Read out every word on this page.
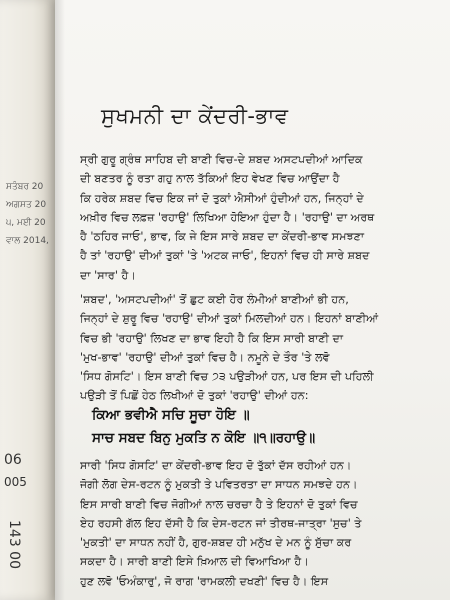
ਸਤੰਬਰ 20
ਅਗਸਤ 20
੫, ਮਈ 20
ਵਾਲ 2014,
06
005
143 00
ਸੁਖਮਨੀ ਦਾ ਕੇਂਦਰੀ-ਭਾਵ
ਸ੍ਰੀ ਗੁਰੂ ਗ੍ਰੰਥ ਸਾਹਿਬ ਦੀ ਬਾਣੀ ਵਿਚ-ਦੇ ਸ਼ਬਦ ਅਸਟਪਦੀਆਂ ਆਦਿਕ
ਦੀ ਬਣਤਰ ਨੂੰ ਰਤਾ ਗਹੁ ਨਾਲ ਤੱਕਿਆਂ ਇਹ ਵੇਖਣ ਵਿਚ ਆਉਂਦਾ ਹੈ
ਕਿ ਹਰੇਕ ਸ਼ਬਦ ਵਿਚ ਇਕ ਜਾਂ ਦੋ ਤੁਕਾਂ ਐਸੀਆਂ ਹੁੰਦੀਆਂ ਹਨ, ਜਿਨ੍ਹਾਂ ਦੇ
ਅਖ਼ੀਰ ਵਿਚ ਲਫ਼ਜ਼ 'ਰਹਾਉ' ਲਿਖਿਆ ਹੋਇਆ ਹੁੰਦਾ ਹੈ। 'ਰਹਾਉ' ਦਾ ਅਰਥ
ਹੈ 'ਠਹਿਰ ਜਾਓ', ਭਾਵ, ਕਿ ਜੇ ਇਸ ਸਾਰੇ ਸ਼ਬਦ ਦਾ ਕੇਂਦਰੀ-ਭਾਵ ਸਮਝਣਾ
ਹੈ ਤਾਂ 'ਰਹਾਉ' ਦੀਆਂ ਤੁਕਾਂ 'ਤੇ 'ਅਟਕ ਜਾਓ', ਇਹਨਾਂ ਵਿਚ ਹੀ ਸਾਰੇ ਸ਼ਬਦ
ਦਾ 'ਸਾਰ' ਹੈ।
'ਸ਼ਬਦ', 'ਅਸਟਪਦੀਆਂ' ਤੋਂ ਛੁਟ ਕਈ ਹੋਰ ਲੰਮੀਆਂ ਬਾਣੀਆਂ ਭੀ ਹਨ,
ਜਿਨ੍ਹਾਂ ਦੇ ਸ਼ੁਰੂ ਵਿਚ 'ਰਹਾਉ' ਦੀਆਂ ਤੁਕਾਂ ਮਿਲਦੀਆਂ ਹਨ। ਇਹਨਾਂ ਬਾਣੀਆਂ
ਵਿਚ ਭੀ 'ਰਹਾਉ' ਲਿਖਣ ਦਾ ਭਾਵ ਇਹੀ ਹੈ ਕਿ ਇਸ ਸਾਰੀ ਬਾਣੀ ਦਾ
'ਮੁਖ-ਭਾਵ' 'ਰਹਾਉ' ਦੀਆਂ ਤੁਕਾਂ ਵਿਚ ਹੈ। ਨਮੂਨੇ ਦੇ ਤੌਰ 'ਤੇ ਲਵੋ
'ਸਿਧ ਗੋਸਟਿ'। ਇਸ ਬਾਣੀ ਵਿਚ ੭੩ ਪਉੜੀਆਂ ਹਨ, ਪਰ ਇਸ ਦੀ ਪਹਿਲੀ
ਪਉੜੀ ਤੋਂ ਪਿਛੋਂ ਹੇਠ ਲਿਖੀਆਂ ਦੋ ਤੁਕਾਂ 'ਰਹਾਉ' ਦੀਆਂ ਹਨ:
ਕਿਆ ਭਵੀਐ ਸਚਿ ਸੂਚਾ ਹੋਇ ॥
ਸਾਚ ਸਬਦ ਬਿਨੁ ਮੁਕਤਿ ਨ ਕੋਇ ॥੧॥ਰਹਾਉ॥
ਸਾਰੀ 'ਸਿਧ ਗੋਸਟਿ' ਦਾ ਕੇਂਦਰੀ-ਭਾਵ ਇਹ ਦੋ ਤੁੱਕਾਂ ਦੱਸ ਰਹੀਆਂ ਹਨ।
ਜੋਗੀ ਲੋਗ ਦੇਸ-ਰਟਨ ਨੂੰ ਮੁਕਤੀ ਤੇ ਪਵਿਤਰਤਾ ਦਾ ਸਾਧਨ ਸਮਝਦੇ ਹਨ।
ਇਸ ਸਾਰੀ ਬਾਣੀ ਵਿਚ ਜੋਗੀਆਂ ਨਾਲ ਚਰਚਾ ਹੈ ਤੇ ਇਹਨਾਂ ਦੋ ਤੁਕਾਂ ਵਿਚ
ਏਹ ਰਹਸੀ ਗੱਲ ਇਹ ਦੱਸੀ ਹੈ ਕਿ ਦੇਸ-ਰਟਨ ਜਾਂ ਤੀਰਥ-ਜਾਤ੍ਰਾ 'ਸੁਚ' ਤੇ
'ਮੁਕਤੀ' ਦਾ ਸਾਧਨ ਨਹੀਂ ਹੈ, ਗੁਰ-ਸ਼ਬਦ ਹੀ ਮਨੁੱਖ ਦੇ ਮਨ ਨੂੰ ਸੁੱਚਾ ਕਰ
ਸਕਦਾ ਹੈ। ਸਾਰੀ ਬਾਣੀ ਇਸੇ ਖ਼ਿਆਲ ਦੀ ਵਿਆਖਿਆ ਹੈ।
ਹੁਣ ਲਵੋ 'ਓਅੰਕਾਰੁ', ਜੋ ਰਾਗ 'ਰਾਮਕਲੀ ਦਖਣੀ' ਵਿਚ ਹੈ। ਇਸ
